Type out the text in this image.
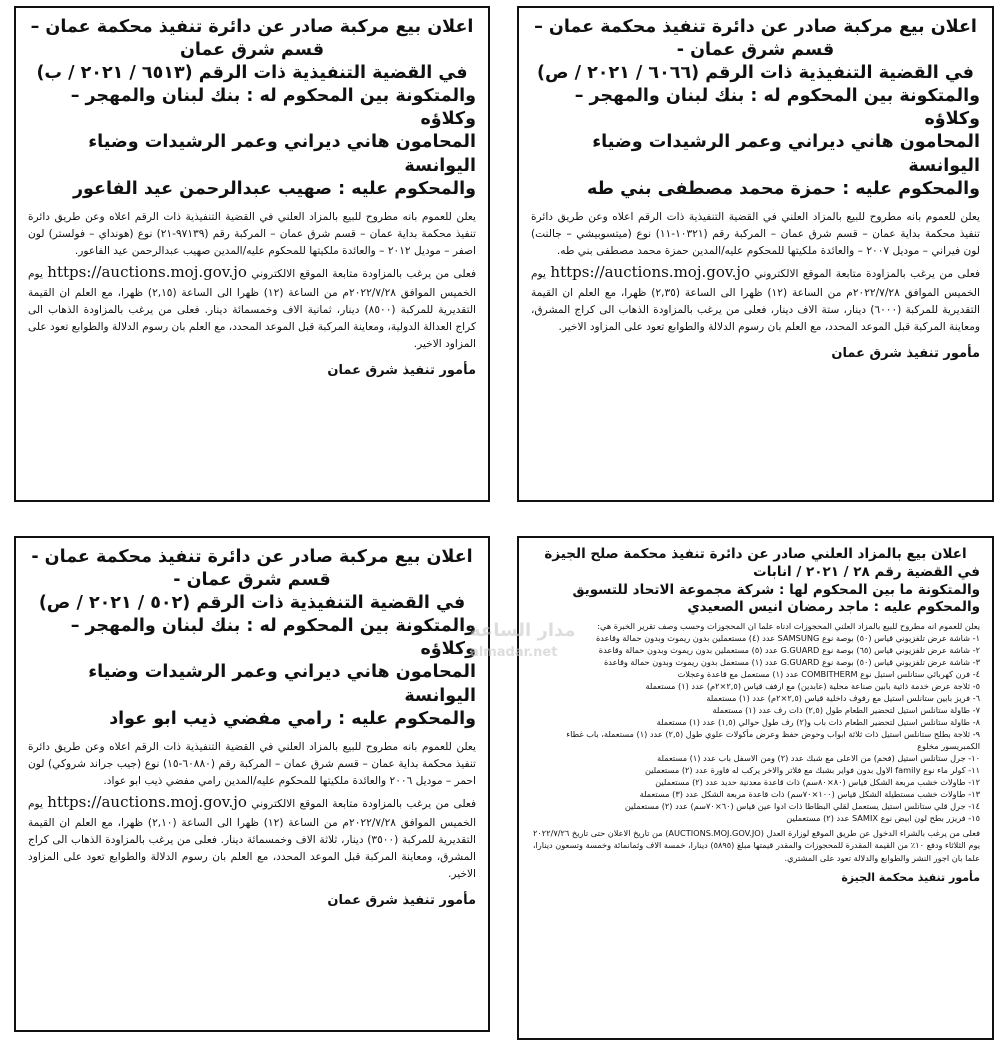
اعلان بيع مركبة صادر عن دائرة تنفيذ محكمة عمان –
قسم شرق عمان -
في القضية التنفيذية ذات الرقم (٦٠٦٦ / ٢٠٢١ / ص)
والمتكونة بين المحكوم له : بنك لبنان والمهجر – وكلاؤه
المحامون هاني ديراني وعمر الرشيدات وضياء اليوانسة
والمحكوم عليه : حمزة محمد مصطفى بني طه

يعلن للعموم بانه مطروح للبيع بالمزاد العلني في القضية التنفيذية ذات الرقم اعلاه وعن طريق دائرة تنفيذ محكمة بداية عمان – قسم شرق عمان – المركبة رقم (١٠٣٢١-١١) نوع (ميتسوبيشي – جالنت) لون فيراني – موديل ٢٠٠٧ – والعائدة ملكيتها للمحكوم عليه/المدين حمزة محمد مصطفى بني طه.

فعلى من يرغب بالمزاودة متابعة الموقع الالكتروني https://auctions.moj.gov.jo يوم الخميس الموافق ٢٠٢٢/٧/٢٨م من الساعة (١٢) ظهرا الى الساعة (٢,٣٥) ظهرا، مع العلم ان القيمة التقديرية للمركبة (٦٠٠٠) دينار، ستة الاف دينار، فعلى من يرغب بالمزاودة الذهاب الى كراج المشرق، ومعاينة المركبة قبل الموعد المحدد، مع العلم بان رسوم الدلالة والطوابع تعود على المزاود الاخير.

مأمور تنفيذ شرق عمان
اعلان بيع مركبة صادر عن دائرة تنفيذ محكمة عمان –
قسم شرق عمان
في القضية التنفيذية ذات الرقم (٦٥١٣ / ٢٠٢١ / ب)
والمتكونة بين المحكوم له : بنك لبنان والمهجر – وكلاؤه
المحامون هاني ديراني وعمر الرشيدات وضياء اليوانسة
والمحكوم عليه : صهيب عبدالرحمن عيد الفاعور

يعلن للعموم بانه مطروح للبيع بالمزاد العلني في القضية التنفيذية ذات الرقم اعلاه وعن طريق دائرة تنفيذ محكمة بداية عمان – قسم شرق عمان – المركبة رقم (٩٧١٣٩-٢١) نوع (هونداي – فولستر) لون اصفر – موديل ٢٠١٢ – والعائدة ملكيتها للمحكوم عليه/المدين صهيب عبدالرحمن عيد الفاعور.

فعلى من يرغب بالمزاودة متابعة الموقع الالكتروني https://auctions.moj.gov.jo يوم الخميس الموافق ٢٠٢٢/٧/٢٨م من الساعة (١٢) ظهرا الى الساعة (٢,١٥) ظهرا، مع العلم ان القيمة التقديرية للمركبة (٨٥٠٠) دينار، ثمانية الاف وخمسمائة دينار. فعلى من يرغب بالمزاودة الذهاب الى كراج العدالة الدولية، ومعاينة المركبة قبل الموعد المحدد، مع العلم بان رسوم الدلالة والطوابع تعود على المزاود الاخير.

مأمور تنفيذ شرق عمان
اعلان بيع بالمزاد العلني صادر عن دائرة تنفيذ محكمة صلح الجيزة
في القضية رقم ٢٨ / ٢٠٢١ / انابات
والمتكونة ما بين المحكوم لها : شركة مجموعة الاتحاد للتسويق
والمحكوم عليه : ماجد رمضان انيس الصعيدي
يعلن للعموم انه مطروح للبيع بالمزاد العلني المحجوزات ادناه علما ان المحجوزات وحسب وصف تقرير الخبرة هي:
١- شاشة عرض تلفزيوني قياس (٥٠) بوصة نوع SAMSUNG عدد (٤) مستعملين بدون ريموت وبدون حمالة وقاعدة
٢- شاشة عرض تلفزيوني قياس (٦٥) بوصة نوع G.GUARD عدد (٥) مستعملين بدون ريموت وبدون حمالة وقاعدة
٣- شاشة عرض تلفزيوني قياس (٥٠) بوصة نوع G.GUARD عدد (١) مستعمل بدون ريموت وبدون حمالة وقاعدة
٤- فرن كهربائي ستانلس استيل نوع COMBITHERM عدد (١) مستعمل مع قاعدة وعجلات
٥- ثلاجة عرض خدمة ذاتية بابين صناعة محلية (عابدين) مع ارفف قياس (٢,٥×٢م) عدد (١) مستعملة
٦- فريز بابين ستانلس استيل مع رفوف داخلية قياس (٢,٥×٢م) عدد (١) مستعملة
٧- طاولة ستانلس استيل لتحضير الطعام طول (٢,٥) ذات رف عدد (١) مستعملة
٨- طاولة ستانلس استيل لتحضير الطعام ذات باب و(٢) رف طول حوالي (١,٥) عدد (١) مستعملة
٩- ثلاجة بطلح ستانلس استيل ذات ثلاثة ابواب وحوض حفظ وعرض مأكولات علوي طول (٢,٥) عدد (١) مستعملة، باب غطاء الكمبريسور مخلوع
١٠- جرل ستانلس استيل (فحم) من الاعلى مع شبك عدد (٢) ومن الاسفل باب عدد (١) مستعملة
١١- كولر ماء نوع family الاول بدون فواير بشبك مع فلاتر والاخر يركب له فاورة عدد (٢) مستعملين
١٢- طاولات خشب مربعة الشكل قياس (٨٠×٨٠سم) ذات قاعدة معدنية حديد عدد (٢) مستعملين
١٣- طاولات خشب مستطيلة الشكل قياس (١٠٠×٧٠سم) ذات قاعدة مربعة الشكل عدد (٣) مستعملة
١٤- جرل قلي ستانلس استيل يستعمل لقلي البطاطا ذات ادوا عين قياس (٦٠×٧٠سم) عدد (٢) مستعملين
١٥- فريزر بطح لون ابيض نوع SAMIX عدد (٢) مستعملين
فعلى من يرغب بالشراء الدخول عن طريق الموقع لوزارة العدل (AUCTIONS.MOJ.GOV.JO) من تاريخ الاعلان حتى تاريخ ٢٠٢٢/٧/٢٦ يوم الثلاثاء ودفع ١٠٪ من القيمة المقدرة للمحجوزات والمقدر قيمتها مبلغ (٥٨٩٥) دينارا، خمسة الاف وثمانمائة وخمسة وتسعون دينارا، علما بان اجور النشر والطوابع والدلالة تعود على المشتري.
مأمور تنفيذ محكمة الجيزة
اعلان بيع مركبة صادر عن دائرة تنفيذ محكمة عمان -
قسم شرق عمان -
في القضية التنفيذية ذات الرقم (٥٠٢ / ٢٠٢١ / ص)
والمتكونة بين المحكوم له : بنك لبنان والمهجر – وكلاؤه
المحامون هاني ديراني وعمر الرشيدات وضياء اليوانسة
والمحكوم عليه : رامي مفضي ذيب ابو عواد

يعلن للعموم بانه مطروح للبيع بالمزاد العلني في القضية التنفيذية ذات الرقم اعلاه وعن طريق دائرة تنفيذ محكمة بداية عمان – قسم شرق عمان – المركبة رقم (٦٠٨٨٠-١٥) نوع (جيب جراند شروكي) لون احمر – موديل ٢٠٠٦ والعائدة ملكيتها للمحكوم عليه/المدين رامي مفضي ذيب ابو عواد.

فعلى من يرغب بالمزاودة متابعة الموقع الالكتروني https://auctions.moj.gov.jo يوم الخميس الموافق ٢٠٢٢/٧/٢٨م من الساعة (١٢) ظهرا الى الساعة (٢,١٠) ظهرا، مع العلم ان القيمة التقديرية للمركبة (٣٥٠٠) دينار، ثلاثة الاف وخمسمائة دينار. فعلى من يرغب بالمزاودة الذهاب الى كراج المشرق، ومعاينة المركبة قبل الموعد المحدد، مع العلم بان رسوم الدلالة والطوابع تعود على المزاود الاخير.

مأمور تنفيذ شرق عمان
مدار الساعة
almadar.net
